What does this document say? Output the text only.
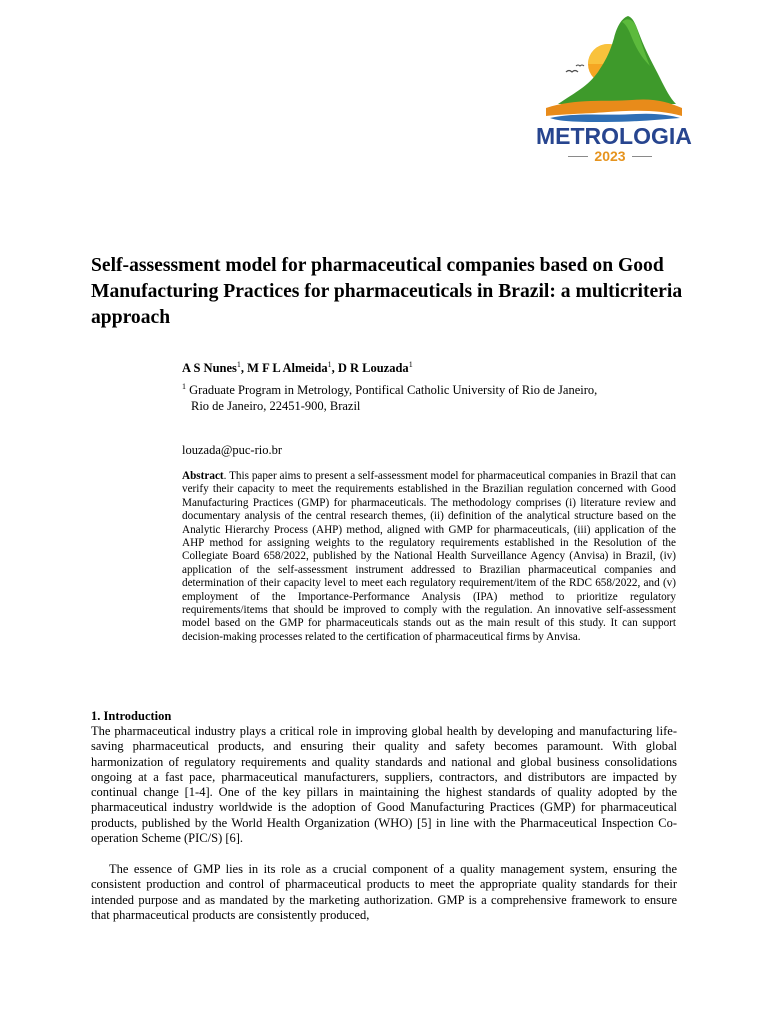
METROLOGIA
2023
Self-assessment model for pharmaceutical companies based on Good Manufacturing Practices for pharmaceuticals in Brazil: a multicriteria approach
A S Nunes$^1$, M F L Almeida$^1$, D R Louzada$^1$
$^1$ Graduate Program in Metrology, Pontifical Catholic University of Rio de Janeiro,
Rio de Janeiro, 22451-900, Brazil
louzada@puc-rio.br

Abstract. This paper aims to present a self-assessment model for pharmaceutical companies in Brazil that can verify their capacity to meet the requirements established in the Brazilian regulation concerned with Good Manufacturing Practices (GMP) for pharmaceuticals. The methodology comprises (i) literature review and documentary analysis of the central research themes, (ii) definition of the analytical structure based on the Analytic Hierarchy Process (AHP) method, aligned with GMP for pharmaceuticals, (iii) application of the AHP method for assigning weights to the regulatory requirements established in the Resolution of the Collegiate Board 658/2022, published by the National Health Surveillance Agency (Anvisa) in Brazil, (iv) application of the self-assessment instrument addressed to Brazilian pharmaceutical companies and determination of their capacity level to meet each regulatory requirement/item of the RDC 658/2022, and (v) employment of the Importance-Performance Analysis (IPA) method to prioritize regulatory requirements/items that should be improved to comply with the regulation. An innovative self-assessment model based on the GMP for pharmaceuticals stands out as the main result of this study. It can support decision-making processes related to the certification of pharmaceutical firms by Anvisa.

1. Introduction

The pharmaceutical industry plays a critical role in improving global health by developing and manufacturing life-saving pharmaceutical products, and ensuring their quality and safety becomes paramount. With global harmonization of regulatory requirements and quality standards and national and global business consolidations ongoing at a fast pace, pharmaceutical manufacturers, suppliers, contractors, and distributors are impacted by continual change [1-4]. One of the key pillars in maintaining the highest standards of quality adopted by the pharmaceutical industry worldwide is the adoption of Good Manufacturing Practices (GMP) for pharmaceutical products, published by the World Health Organization (WHO) [5] in line with the Pharmaceutical Inspection Co-operation Scheme (PIC/S) [6].

The essence of GMP lies in its role as a crucial component of a quality management system, ensuring the consistent production and control of pharmaceutical products to meet the appropriate quality standards for their intended purpose and as mandated by the marketing authorization. GMP is a comprehensive framework to ensure that pharmaceutical products are consistently produced,
